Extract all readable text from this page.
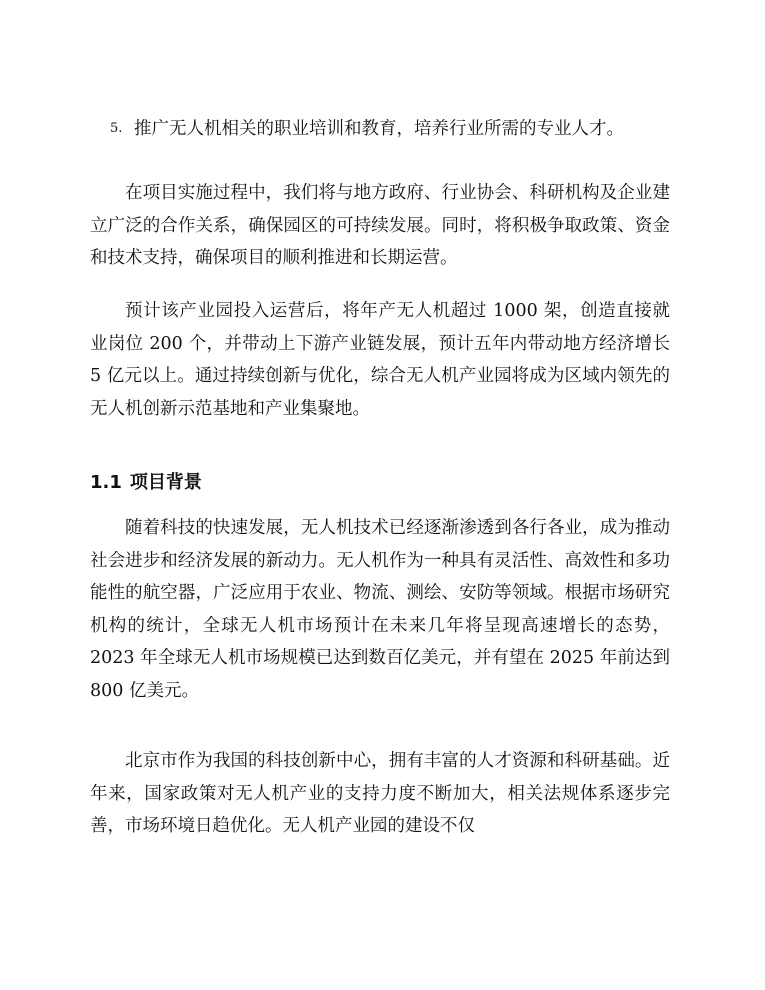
5. 推广无人机相关的职业培训和教育，培养行业所需的专业人才。

在项目实施过程中，我们将与地方政府、行业协会、科研机构及企业建立广泛的合作关系，确保园区的可持续发展。同时，将积极争取政策、资金和技术支持，确保项目的顺利推进和长期运营。

预计该产业园投入运营后，将年产无人机超过 1000 架，创造直接就业岗位 200 个，并带动上下游产业链发展，预计五年内带动地方经济增长 5 亿元以上。通过持续创新与优化，综合无人机产业园将成为区域内领先的无人机创新示范基地和产业集聚地。

1.1 项目背景

随着科技的快速发展，无人机技术已经逐渐渗透到各行各业，成为推动社会进步和经济发展的新动力。无人机作为一种具有灵活性、高效性和多功能性的航空器，广泛应用于农业、物流、测绘、安防等领域。根据市场研究机构的统计，全球无人机市场预计在未来几年将呈现高速增长的态势，2023 年全球无人机市场规模已达到数百亿美元，并有望在 2025 年前达到 800 亿美元。

北京市作为我国的科技创新中心，拥有丰富的人才资源和科研基础。近年来，国家政策对无人机产业的支持力度不断加大，相关法规体系逐步完善，市场环境日趋优化。无人机产业园的建设不仅
